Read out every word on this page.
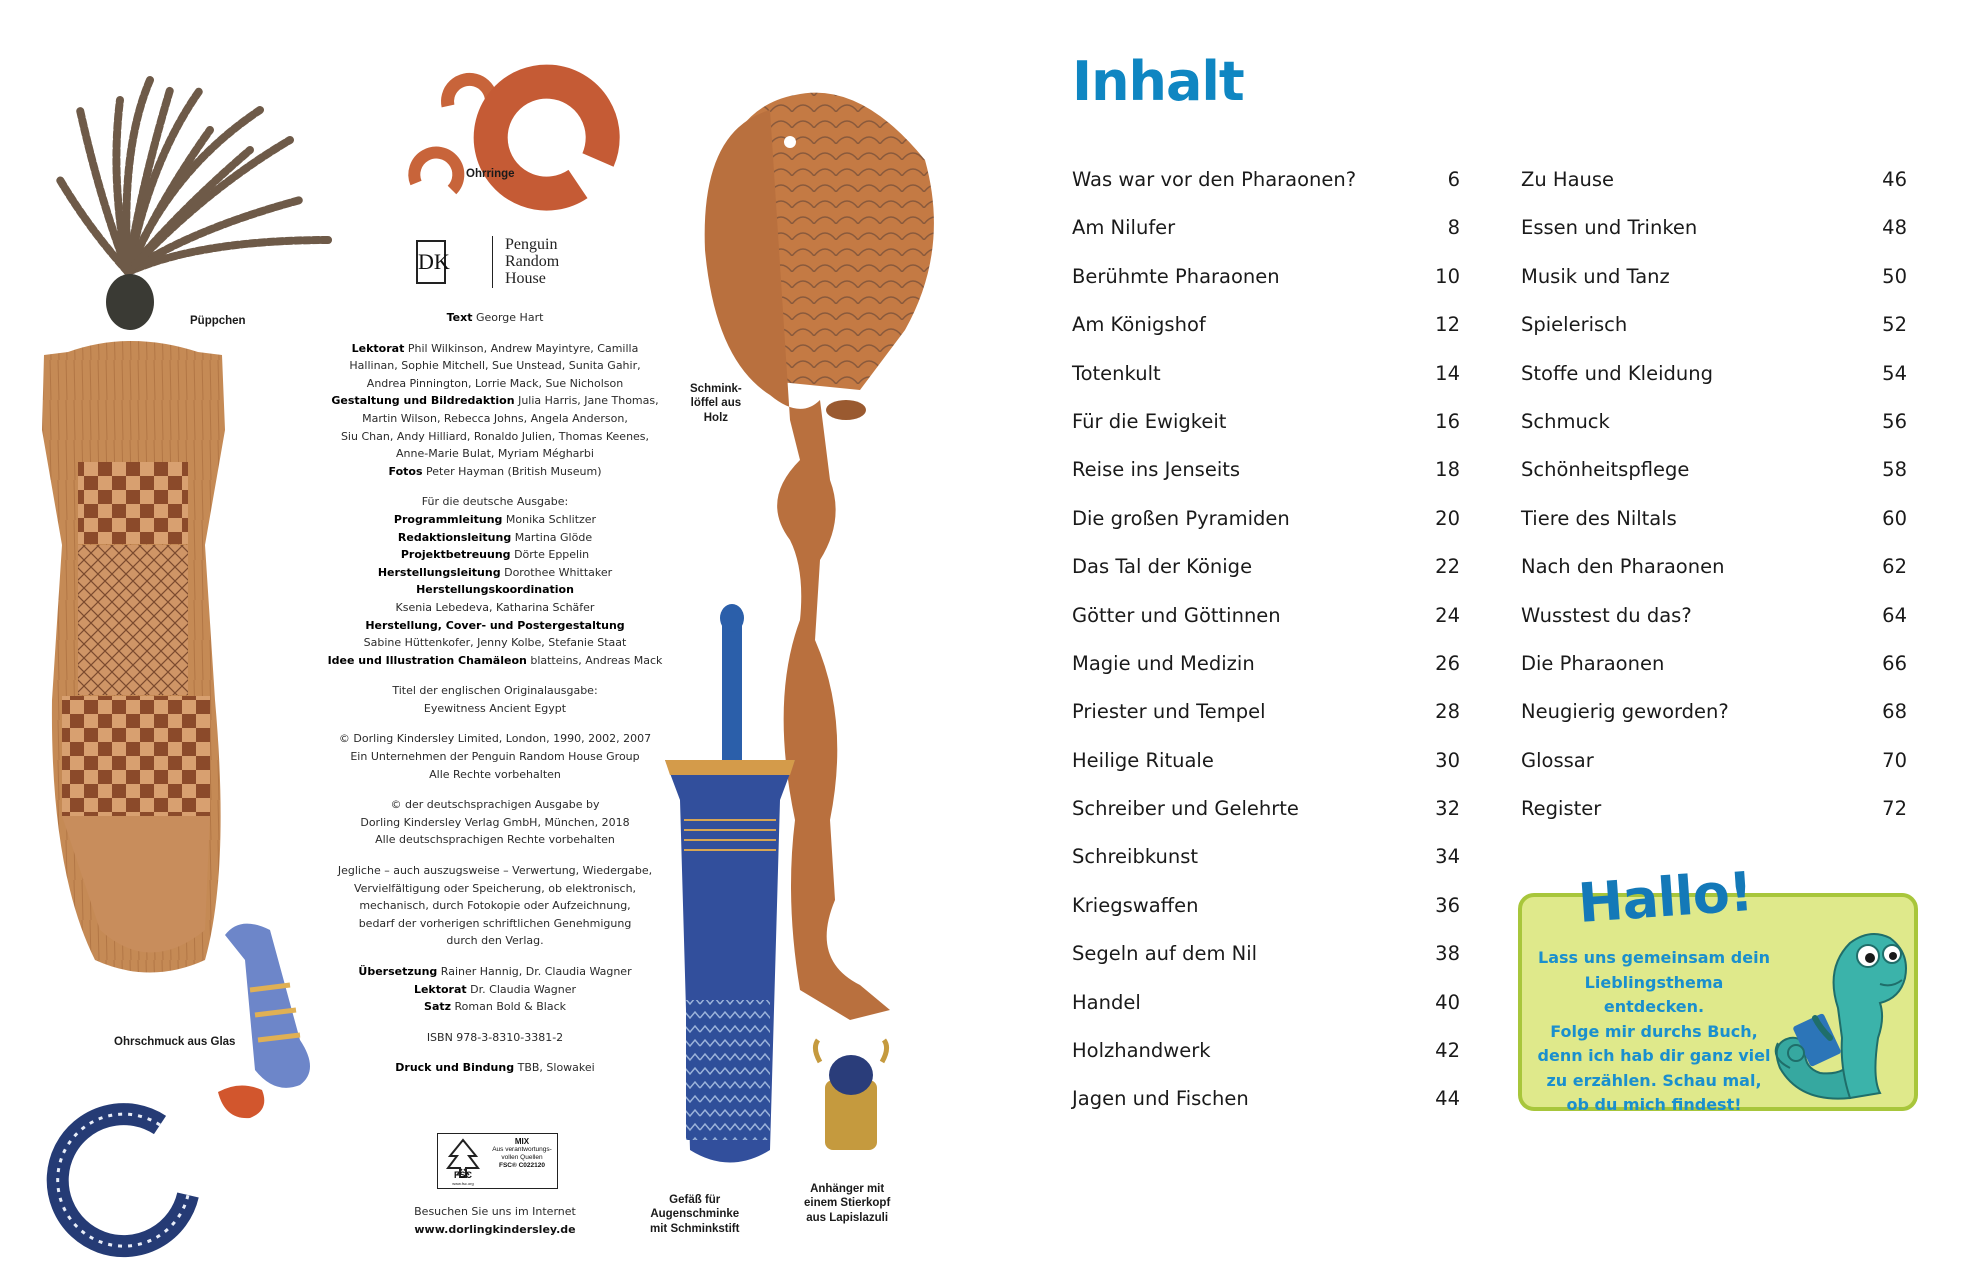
Ohrringe
Püppchen
Schmink-
löffel aus
Holz
Ohrschmuck aus Glas
Gefäß für
Augenschminke
mit Schminkstift
Anhänger mit
einem Stierkopf
aus Lapislazuli
DK
Penguin
Random
House
Text George Hart
Lektorat Phil Wilkinson, Andrew Mayintyre, Camilla
Hallinan, Sophie Mitchell, Sue Unstead, Sunita Gahir,
Andrea Pinnington, Lorrie Mack, Sue Nicholson
Gestaltung und Bildredaktion Julia Harris, Jane Thomas,
Martin Wilson, Rebecca Johns, Angela Anderson,
Siu Chan, Andy Hilliard, Ronaldo Julien, Thomas Keenes,
Anne-Marie Bulat, Myriam Mégharbi
Fotos Peter Hayman (British Museum)
Für die deutsche Ausgabe:
Programmleitung Monika Schlitzer
Redaktionsleitung Martina Glöde
Projektbetreuung Dörte Eppelin
Herstellungsleitung Dorothee Whittaker
Herstellungskoordination
Ksenia Lebedeva, Katharina Schäfer
Herstellung, Cover- und Postergestaltung
Sabine Hüttenkofer, Jenny Kolbe, Stefanie Staat
Idee und Illustration Chamäleon blatteins, Andreas Mack
Titel der englischen Originalausgabe:
Eyewitness Ancient Egypt
© Dorling Kindersley Limited, London, 1990, 2002, 2007
Ein Unternehmen der Penguin Random House Group
Alle Rechte vorbehalten
© der deutschsprachigen Ausgabe by
Dorling Kindersley Verlag GmbH, München, 2018
Alle deutschsprachigen Rechte vorbehalten
Jegliche – auch auszugsweise – Verwertung, Wiedergabe,
Vervielfältigung oder Speicherung, ob elektronisch,
mechanisch, durch Fotokopie oder Aufzeichnung,
bedarf der vorherigen schriftlichen Genehmigung
durch den Verlag.
Übersetzung Rainer Hannig, Dr. Claudia Wagner
Lektorat Dr. Claudia Wagner
Satz Roman Bold & Black
ISBN 978-3-8310-3381-2
Druck und Bindung TBB, Slowakei
FSC
www.fsc.org
MIX
Aus verantwortungs-
vollen Quellen
FSC® C022120
Besuchen Sie uns im Internet
www.dorlingkindersley.de
Inhalt
Was war vor den Pharaonen?	6
Am Nilufer	8
Berühmte Pharaonen	10
Am Königshof	12
Totenkult	14
Für die Ewigkeit	16
Reise ins Jenseits	18
Die großen Pyramiden	20
Das Tal der Könige	22
Götter und Göttinnen	24
Magie und Medizin	26
Priester und Tempel	28
Heilige Rituale	30
Schreiber und Gelehrte	32
Schreibkunst	34
Kriegswaffen	36
Segeln auf dem Nil	38
Handel	40
Holzhandwerk	42
Jagen und Fischen	44
Zu Hause	46
Essen und Trinken	48
Musik und Tanz	50
Spielerisch	52
Stoffe und Kleidung	54
Schmuck	56
Schönheitspflege	58
Tiere des Niltals	60
Nach den Pharaonen	62
Wusstest du das?	64
Die Pharaonen	66
Neugierig geworden?	68
Glossar	70
Register	72
Hallo!
Lass uns gemeinsam dein
Lieblingsthema entdecken.
Folge mir durchs Buch,
denn ich hab dir ganz viel
zu erzählen. Schau mal,
ob du mich findest!
